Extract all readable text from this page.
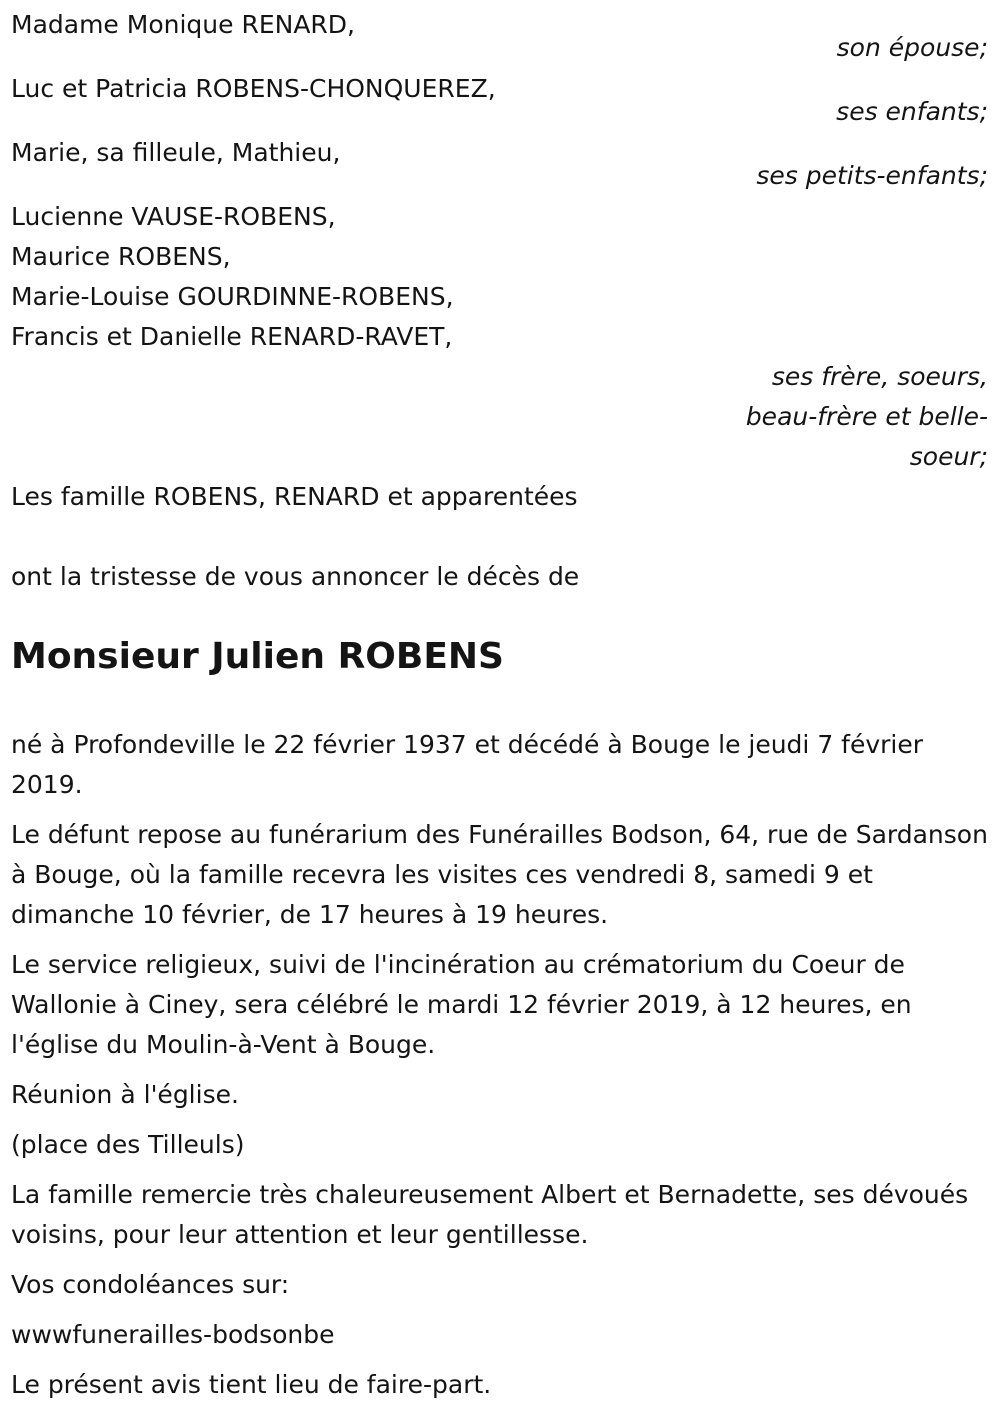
Madame Monique RENARD,
son épouse;
Luc et Patricia ROBENS-CHONQUEREZ,
ses enfants;
Marie, sa filleule, Mathieu,
ses petits-enfants;
Lucienne VAUSE-ROBENS,
Maurice ROBENS,
Marie-Louise GOURDINNE-ROBENS,
Francis et Danielle RENARD-RAVET,
ses frère, soeurs,
beau-frère et belle-
soeur;
Les famille ROBENS, RENARD et apparentées
ont la tristesse de vous annoncer le décès de
Monsieur Julien ROBENS

né à Profondeville le 22 février 1937 et décédé à Bouge le jeudi 7 février 2019.

Le défunt repose au funérarium des Funérailles Bodson, 64, rue de Sardanson à Bouge, où la famille recevra les visites ces vendredi 8, samedi 9 et dimanche 10 février, de 17 heures à 19 heures.

Le service religieux, suivi de l'incinération au crématorium du Coeur de Wallonie à Ciney, sera célébré le mardi 12 février 2019, à 12 heures, en l'église du Moulin-à-Vent à Bouge.

Réunion à l'église.

(place des Tilleuls)

La famille remercie très chaleureusement Albert et Bernadette, ses dévoués voisins, pour leur attention et leur gentillesse.

Vos condoléances sur:

wwwfunerailles-bodsonbe

Le présent avis tient lieu de faire-part.
